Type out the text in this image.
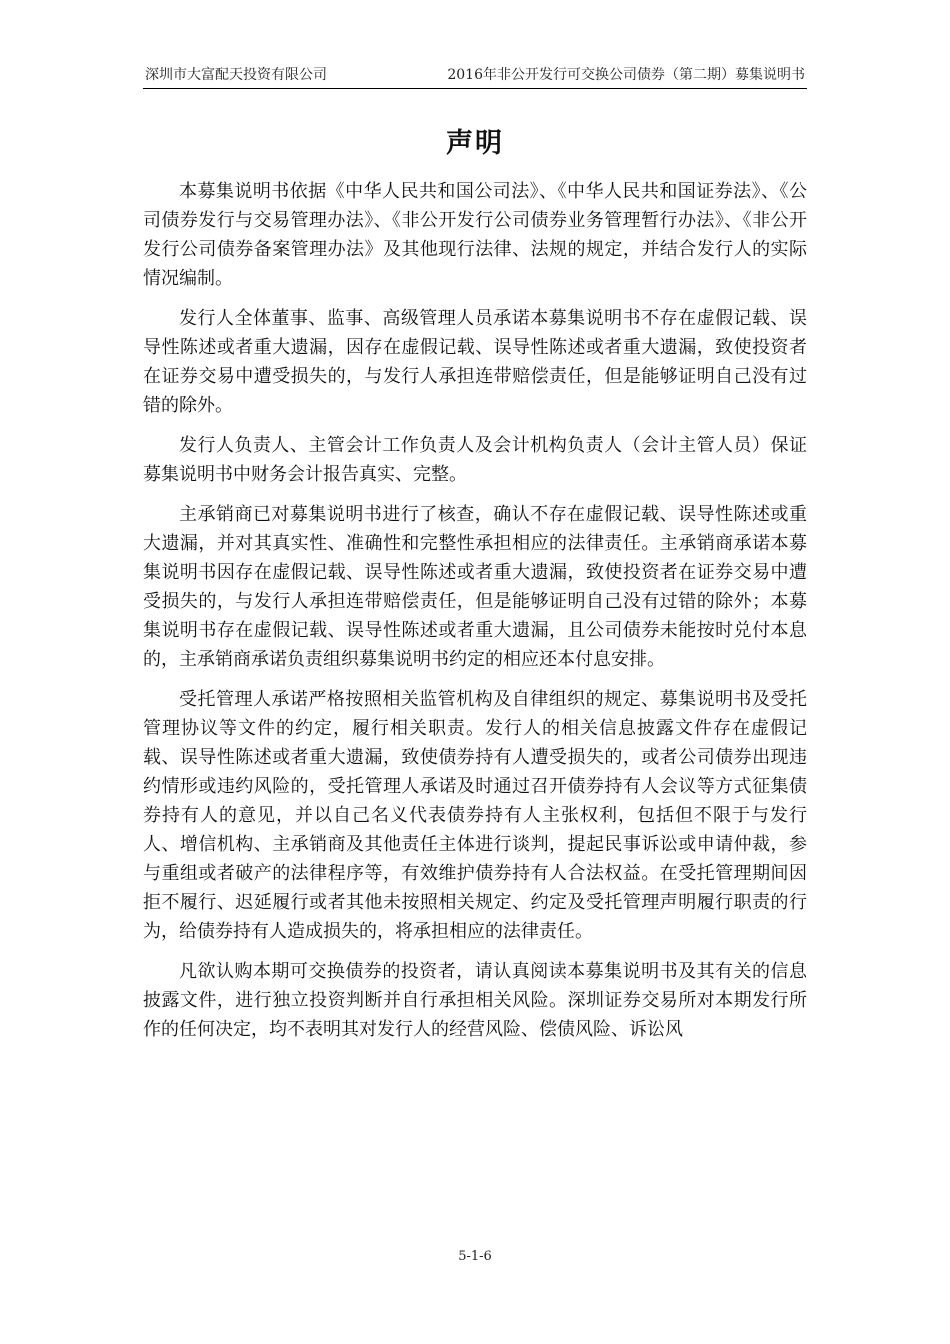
深圳市大富配天投资有限公司	2016年非公开发行可交换公司债券（第二期）募集说明书
声明

本募集说明书依据《中华人民共和国公司法》、《中华人民共和国证券法》、《公司债券发行与交易管理办法》、《非公开发行公司债券业务管理暂行办法》、《非公开发行公司债券备案管理办法》及其他现行法律、法规的规定，并结合发行人的实际情况编制。

发行人全体董事、监事、高级管理人员承诺本募集说明书不存在虚假记载、误导性陈述或者重大遗漏，因存在虚假记载、误导性陈述或者重大遗漏，致使投资者在证券交易中遭受损失的，与发行人承担连带赔偿责任，但是能够证明自己没有过错的除外。

发行人负责人、主管会计工作负责人及会计机构负责人（会计主管人员）保证募集说明书中财务会计报告真实、完整。

主承销商已对募集说明书进行了核查，确认不存在虚假记载、误导性陈述或重大遗漏，并对其真实性、准确性和完整性承担相应的法律责任。主承销商承诺本募集说明书因存在虚假记载、误导性陈述或者重大遗漏，致使投资者在证券交易中遭受损失的，与发行人承担连带赔偿责任，但是能够证明自己没有过错的除外；本募集说明书存在虚假记载、误导性陈述或者重大遗漏，且公司债券未能按时兑付本息的，主承销商承诺负责组织募集说明书约定的相应还本付息安排。

受托管理人承诺严格按照相关监管机构及自律组织的规定、募集说明书及受托管理协议等文件的约定，履行相关职责。发行人的相关信息披露文件存在虚假记载、误导性陈述或者重大遗漏，致使债券持有人遭受损失的，或者公司债券出现违约情形或违约风险的，受托管理人承诺及时通过召开债券持有人会议等方式征集债券持有人的意见，并以自己名义代表债券持有人主张权利，包括但不限于与发行人、增信机构、主承销商及其他责任主体进行谈判，提起民事诉讼或申请仲裁，参与重组或者破产的法律程序等，有效维护债券持有人合法权益。在受托管理期间因拒不履行、迟延履行或者其他未按照相关规定、约定及受托管理声明履行职责的行为，给债券持有人造成损失的，将承担相应的法律责任。

凡欲认购本期可交换债券的投资者，请认真阅读本募集说明书及其有关的信息披露文件，进行独立投资判断并自行承担相关风险。深圳证券交易所对本期发行所作的任何决定，均不表明其对发行人的经营风险、偿债风险、诉讼风

5-1-6
